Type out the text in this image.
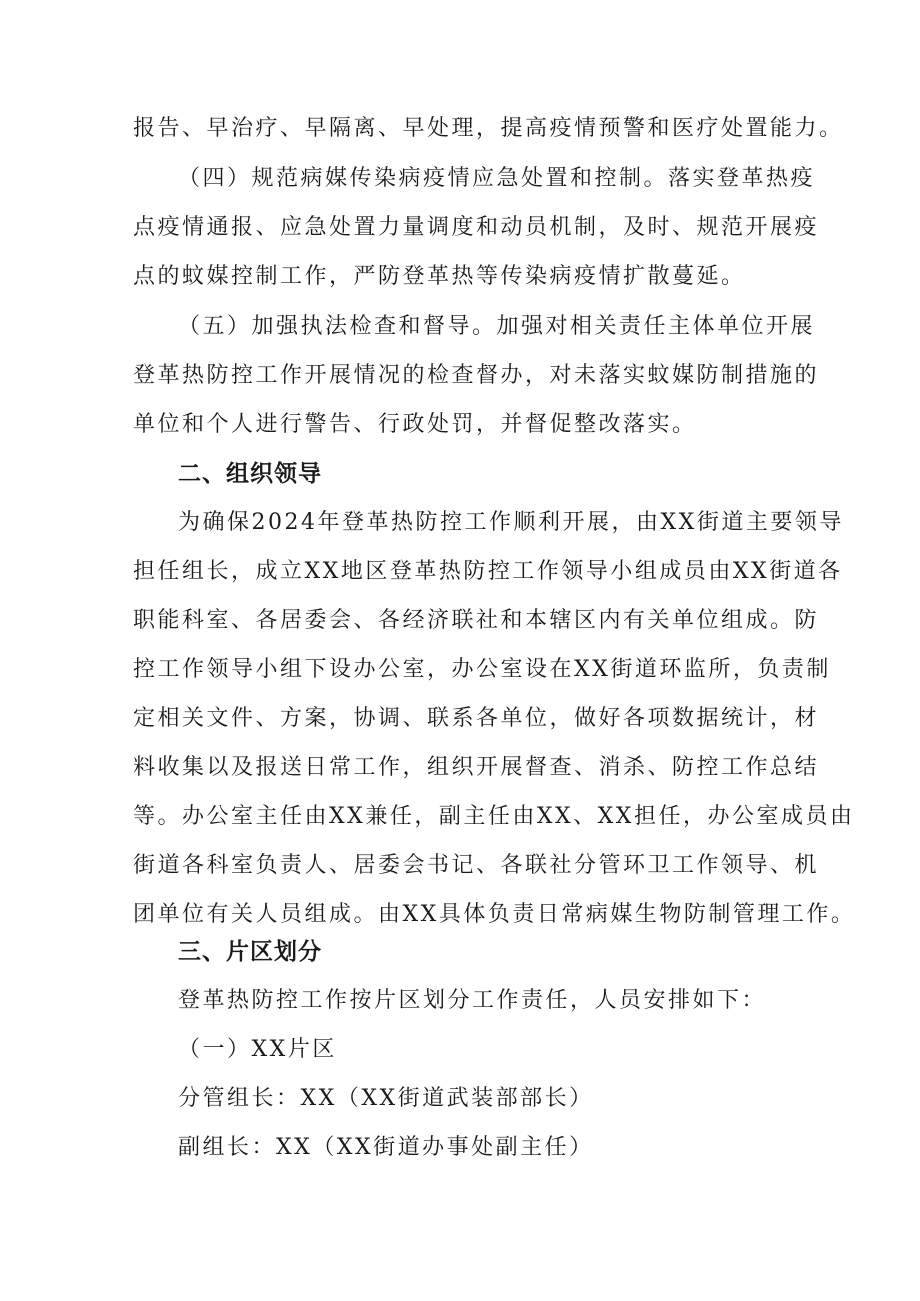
报告、早治疗、早隔离、早处理，提高疫情预警和医疗处置能力。
（四）规范病媒传染病疫情应急处置和控制。落实登革热疫
点疫情通报、应急处置力量调度和动员机制，及时、规范开展疫
点的蚊媒控制工作，严防登革热等传染病疫情扩散蔓延。
（五）加强执法检查和督导。加强对相关责任主体单位开展
登革热防控工作开展情况的检查督办，对未落实蚊媒防制措施的
单位和个人进行警告、行政处罚，并督促整改落实。
二、组织领导
为确保2024年登革热防控工作顺利开展，由XX街道主要领导
担任组长，成立XX地区登革热防控工作领导小组成员由XX街道各
职能科室、各居委会、各经济联社和本辖区内有关单位组成。防
控工作领导小组下设办公室，办公室设在XX街道环监所，负责制
定相关文件、方案，协调、联系各单位，做好各项数据统计，材
料收集以及报送日常工作，组织开展督查、消杀、防控工作总结
等。办公室主任由XX兼任，副主任由XX、XX担任，办公室成员由
街道各科室负责人、居委会书记、各联社分管环卫工作领导、机
团单位有关人员组成。由XX具体负责日常病媒生物防制管理工作。
三、片区划分
登革热防控工作按片区划分工作责任，人员安排如下：
（一）XX片区
分管组长：XX（XX街道武装部部长）
副组长：XX（XX街道办事处副主任）
